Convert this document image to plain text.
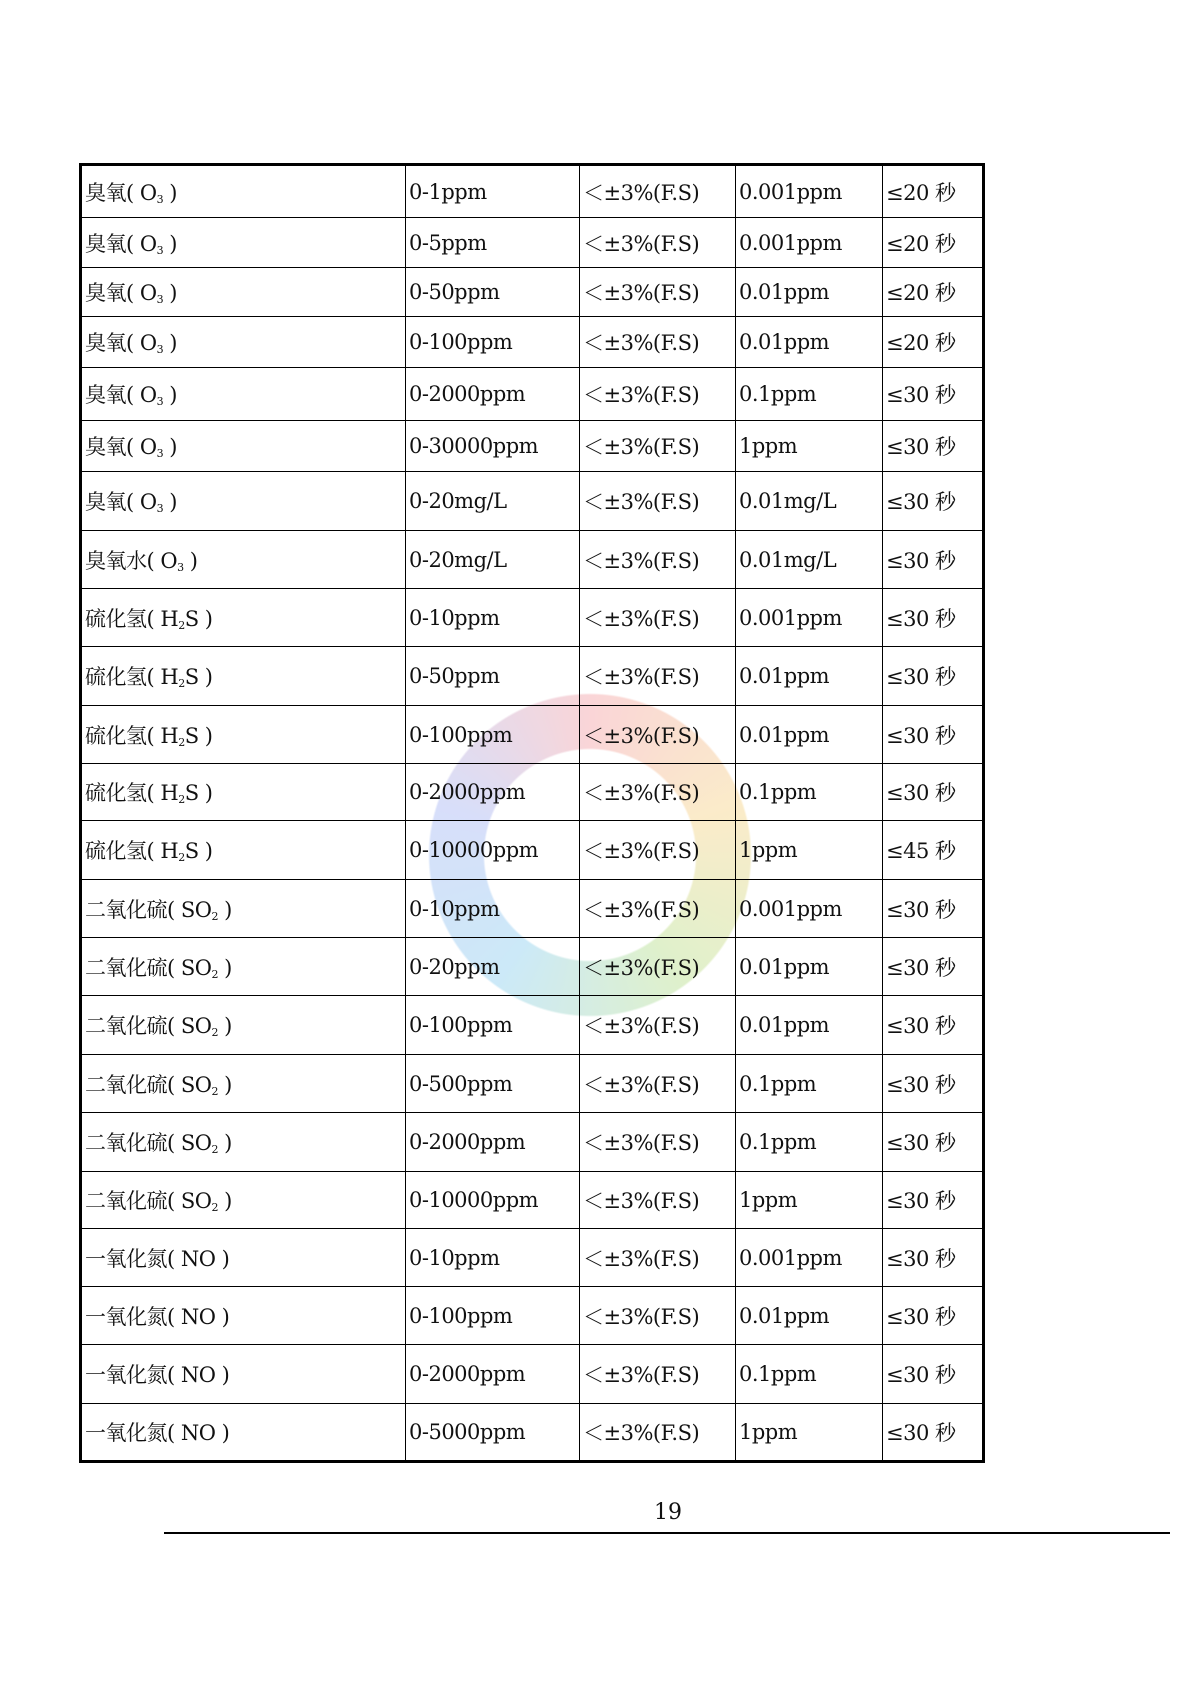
臭氧( $O_3$ )	0-1ppm	＜±3%(F.S)	0.001ppm	≤20 秒
臭氧( $O_3$ )	0-5ppm	＜±3%(F.S)	0.001ppm	≤20 秒
臭氧( $O_3$ )	0-50ppm	＜±3%(F.S)	0.01ppm	≤20 秒
臭氧( $O_3$ )	0-100ppm	＜±3%(F.S)	0.01ppm	≤20 秒
臭氧( $O_3$ )	0-2000ppm	＜±3%(F.S)	0.1ppm	≤30 秒
臭氧( $O_3$ )	0-30000ppm	＜±3%(F.S)	1ppm	≤30 秒
臭氧( $O_3$ )	0-20mg/L	＜±3%(F.S)	0.01mg/L	≤30 秒
臭氧水( $O_3$ )	0-20mg/L	＜±3%(F.S)	0.01mg/L	≤30 秒
硫化氢( $H_2S$ )	0-10ppm	＜±3%(F.S)	0.001ppm	≤30 秒
硫化氢( $H_2S$ )	0-50ppm	＜±3%(F.S)	0.01ppm	≤30 秒
硫化氢( $H_2S$ )	0-100ppm	＜±3%(F.S)	0.01ppm	≤30 秒
硫化氢( $H_2S$ )	0-2000ppm	＜±3%(F.S)	0.1ppm	≤30 秒
硫化氢( $H_2S$ )	0-10000ppm	＜±3%(F.S)	1ppm	≤45 秒
二氧化硫( $SO_2$ )	0-10ppm	＜±3%(F.S)	0.001ppm	≤30 秒
二氧化硫( $SO_2$ )	0-20ppm	＜±3%(F.S)	0.01ppm	≤30 秒
二氧化硫( $SO_2$ )	0-100ppm	＜±3%(F.S)	0.01ppm	≤30 秒
二氧化硫( $SO_2$ )	0-500ppm	＜±3%(F.S)	0.1ppm	≤30 秒
二氧化硫( $SO_2$ )	0-2000ppm	＜±3%(F.S)	0.1ppm	≤30 秒
二氧化硫( $SO_2$ )	0-10000ppm	＜±3%(F.S)	1ppm	≤30 秒
一氧化氮( NO )	0-10ppm	＜±3%(F.S)	0.001ppm	≤30 秒
一氧化氮( NO )	0-100ppm	＜±3%(F.S)	0.01ppm	≤30 秒
一氧化氮( NO )	0-2000ppm	＜±3%(F.S)	0.1ppm	≤30 秒
一氧化氮( NO )	0-5000ppm	＜±3%(F.S)	1ppm	≤30 秒
19
